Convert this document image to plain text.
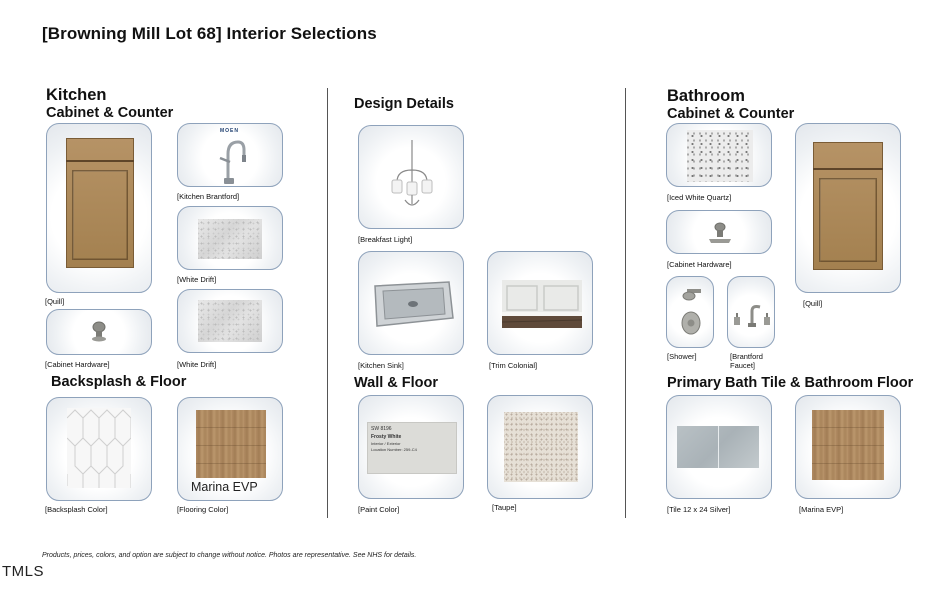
[Browning Mill Lot 68] Interior Selections
Kitchen
Cabinet & Counter
[Quill]
MOEN
[Kitchen Brantford]
[White Drift]
[White Drift]
[Cabinet Hardware]
Backsplash & Floor
[Backsplash Color]
Marina EVP
[Flooring Color]
Design Details
[Breakfast Light]
[Kitchen Sink]	[Trim Colonial]
Wall & Floor
SW 8196
Frosty White
Interior / Exterior
Location Number: 259-C4
[Paint Color]	[Taupe]
Bathroom
Cabinet & Counter
[Iced White Quartz]
[Cabinet Hardware]
[Quill]
[Shower]	[Brantford
Faucet]
Primary Bath Tile & Bathroom Floor
[Tile 12 x 24 Silver]	[Marina EVP]
Products, prices, colors, and option are subject to change without notice. Photos are representative. See NHS for details.
TMLS
